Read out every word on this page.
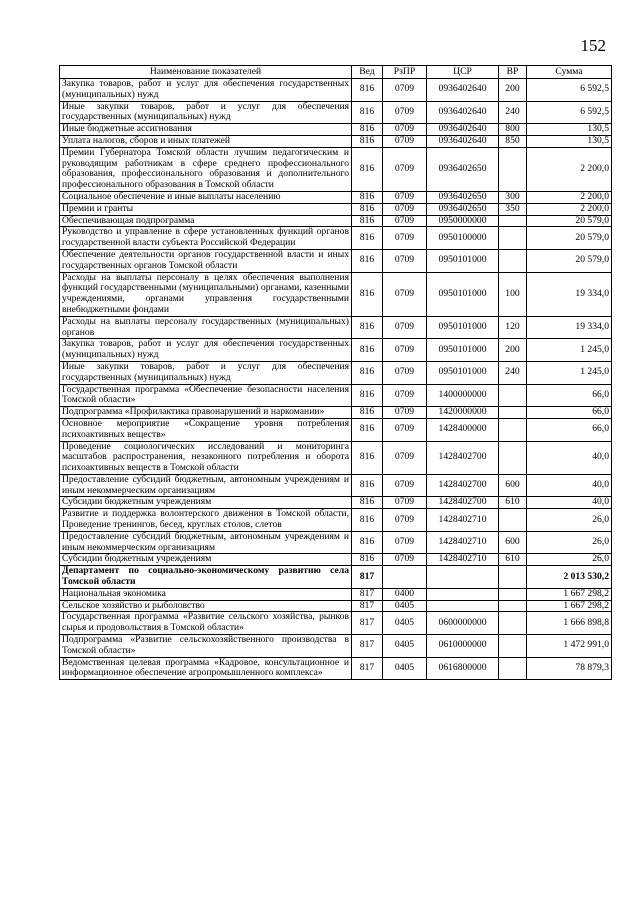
152
Наименование показателей	Вед	РзПР	ЦСР	ВР	Сумма
Закупка товаров, работ и услуг для обеспечения государственных (муниципальных) нужд	816	0709	0936402640	200	6 592,5
Иные закупки товаров, работ и услуг для обеспечения государственных (муниципальных) нужд	816	0709	0936402640	240	6 592,5
Иные бюджетные ассигнования	816	0709	0936402640	800	130,5
Уплата налогов, сборов и иных платежей	816	0709	0936402640	850	130,5
Премии Губернатора Томской области лучшим педагогическим и руководящим работникам в сфере среднего профессионального образования, профессионального образования и дополнительного профессионального образования в Томской области	816	0709	0936402650		2 200,0
Социальное обеспечение и иные выплаты населению	816	0709	0936402650	300	2 200,0
Премии и гранты	816	0709	0936402650	350	2 200,0
Обеспечивающая подпрограмма	816	0709	0950000000		20 579,0
Руководство и управление в сфере установленных функций органов государственной власти субъекта Российской Федерации	816	0709	0950100000		20 579,0
Обеспечение деятельности органов государственной власти и иных государственных органов Томской области	816	0709	0950101000		20 579,0
Расходы на выплаты персоналу в целях обеспечения выполнения функций государственными (муниципальными) органами, казенными учреждениями, органами управления государственными внебюджетными фондами	816	0709	0950101000	100	19 334,0
Расходы на выплаты персоналу государственных (муниципальных) органов	816	0709	0950101000	120	19 334,0
Закупка товаров, работ и услуг для обеспечения государственных (муниципальных) нужд	816	0709	0950101000	200	1 245,0
Иные закупки товаров, работ и услуг для обеспечения государственных (муниципальных) нужд	816	0709	0950101000	240	1 245,0
Государственная программа «Обеспечение безопасности населения Томской области»	816	0709	1400000000		66,0
Подпрограмма «Профилактика правонарушений и наркомании»	816	0709	1420000000		66,0
Основное мероприятие «Сокращение уровня потребления психоактивных веществ»	816	0709	1428400000		66,0
Проведение социологических исследований и мониторинга масштабов распространения, незаконного потребления и оборота психоактивных веществ в Томской области	816	0709	1428402700		40,0
Предоставление субсидий бюджетным, автономным учреждениям и иным некоммерческим организациям	816	0709	1428402700	600	40,0
Субсидии бюджетным учреждениям	816	0709	1428402700	610	40,0
Развитие и поддержка волонтерского движения в Томской области, Проведение тренингов, бесед, круглых столов, слетов	816	0709	1428402710		26,0
Предоставление субсидий бюджетным, автономным учреждениям и иным некоммерческим организациям	816	0709	1428402710	600	26,0
Субсидии бюджетным учреждениям	816	0709	1428402710	610	26,0
Департамент по социально-экономическому развитию села Томской области	817				2 013 530,2
Национальная экономика	817	0400			1 667 298,2
Сельское хозяйство и рыболовство	817	0405			1 667 298,2
Государственная программа «Развитие сельского хозяйства, рынков сырья и продовольствия в Томской области»	817	0405	0600000000		1 666 898,8
Подпрограмма «Развитие сельскохозяйственного производства в Томской области»	817	0405	0610000000		1 472 991,0
Ведомственная целевая программа «Кадровое, консультационное и информационное обеспечение агропромышленного комплекса»	817	0405	0616800000		78 879,3
